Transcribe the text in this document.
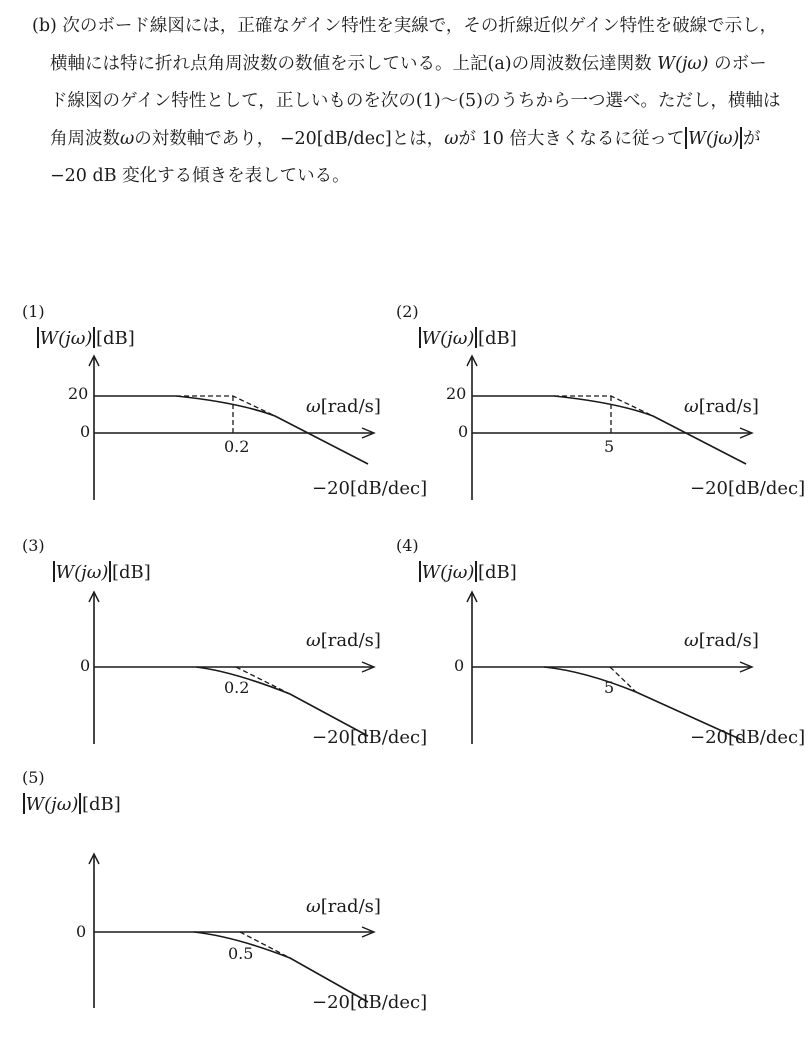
(b) 次のボード線図には，正確なゲイン特性を実線で，その折線近似ゲイン特性を破線で示し，横軸には特に折れ点角周波数の数値を示している。上記(a)の周波数伝達関数 W(jω) のボード線図のゲイン特性として，正しいものを次の(1)〜(5)のうちから一つ選べ。ただし，横軸は角周波数ωの対数軸であり， −20[dB/dec]とは，ωが 10 倍大きくなるに従って W(jω) が −20 dB 変化する傾きを表している。

(1)
W(jω) [dB]
20
0
0.2
ω[rad/s]
−20[dB/dec]
(2)
W(jω) [dB]
20
0
5
ω[rad/s]
−20[dB/dec]
(3)
W(jω) [dB]
0
0.2
ω[rad/s]
−20[dB/dec]
(4)
W(jω) [dB]
0
5
ω[rad/s]
−20[dB/dec]
(5)
W(jω) [dB]
0
0.5
ω[rad/s]
−20[dB/dec]
